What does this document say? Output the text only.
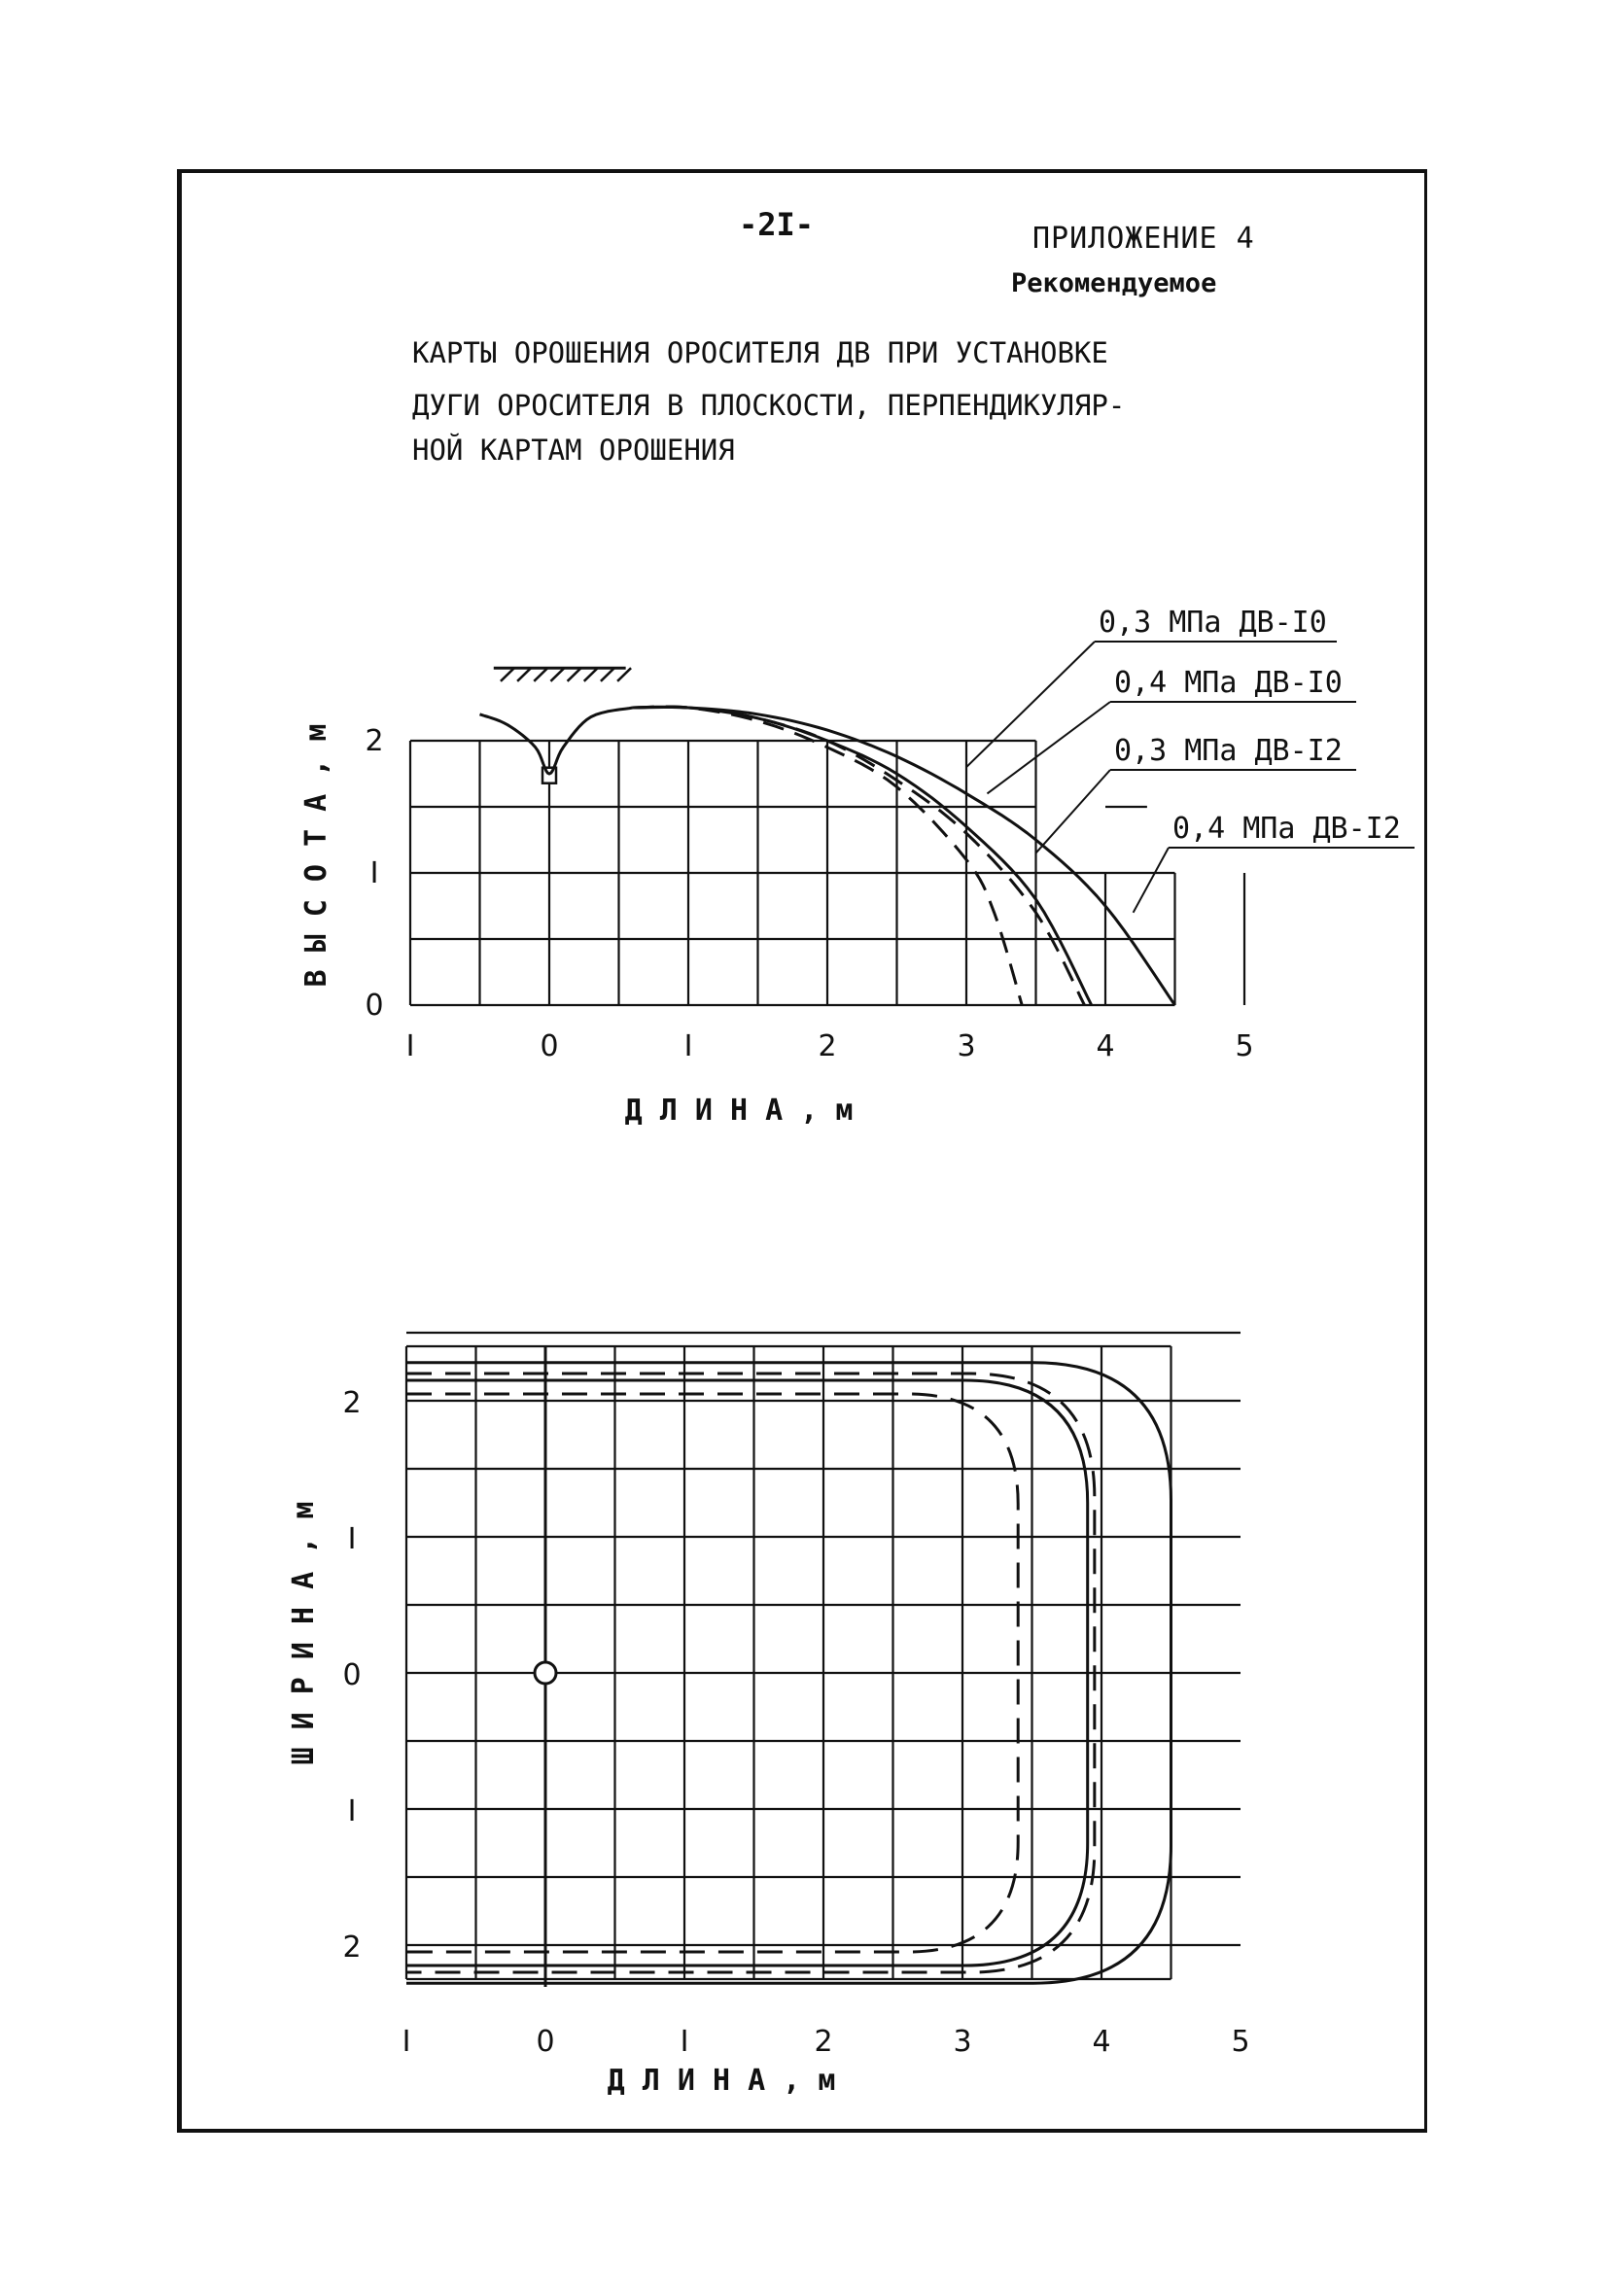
-2I-	ПРИЛОЖЕНИЕ 4
Рекомендуемое
КАРТЫ ОРОШЕНИЯ ОРОСИТЕЛЯ ДВ ПРИ УСТАНОВКЕ
ДУГИ ОРОСИТЕЛЯ В ПЛОСКОСТИ, ПЕРПЕНДИКУЛЯР-
НОЙ КАРТАМ ОРОШЕНИЯ
I	0	I	2	3	4	5
0
I
2
Д Л И Н А , м
В Ы С О Т А , м
0,3 МПа ДВ-I0
0,4 МПа ДВ-I0
0,3 МПа ДВ-I2
0,4 МПа ДВ-I2
I	0	I	2	3	4	5
2
I
0
I
2
Д Л И Н А , м
Ш И Р И Н А , м
